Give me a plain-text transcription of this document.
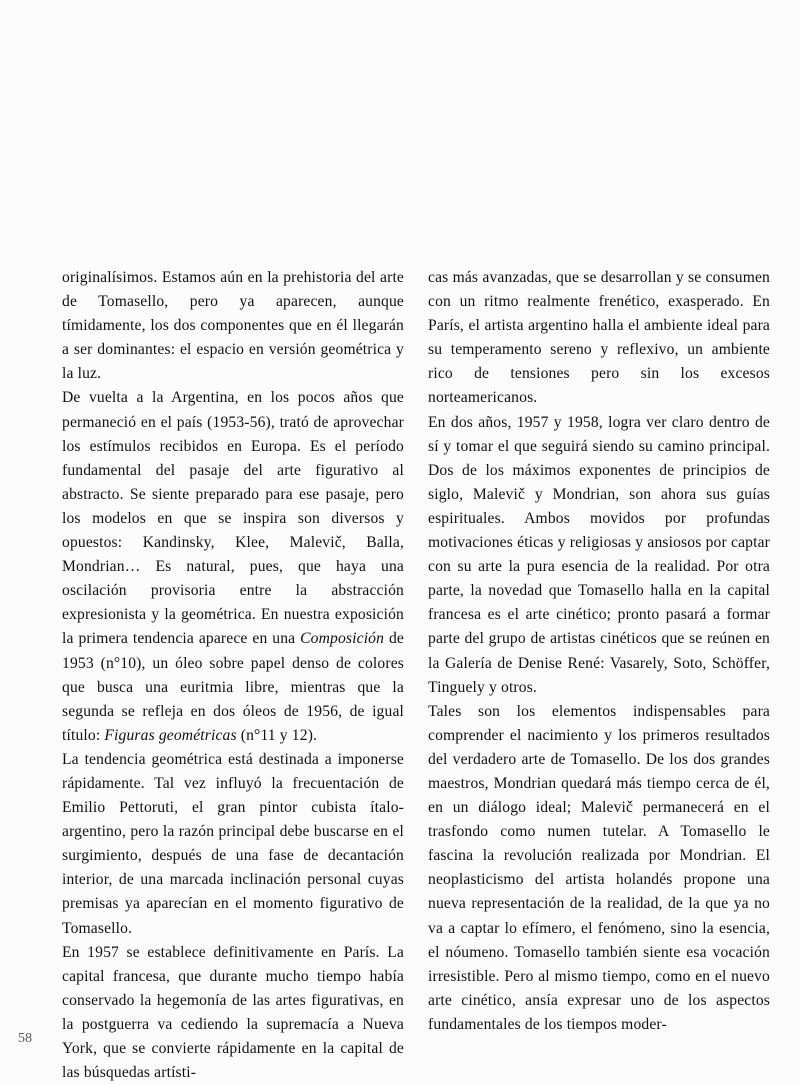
originalísimos. Estamos aún en la prehistoria del arte de Tomasello, pero ya aparecen, aunque tímidamente, los dos componentes que en él llegarán a ser dominantes: el espacio en versión geométrica y la luz.

De vuelta a la Argentina, en los pocos años que permaneció en el país (1953-56), trató de aprovechar los estímulos recibidos en Europa. Es el período fundamental del pasaje del arte figurativo al abstracto. Se siente preparado para ese pasaje, pero los modelos en que se inspira son diversos y opuestos: Kandinsky, Klee, Malevič, Balla, Mondrian… Es natural, pues, que haya una oscilación provisoria entre la abstracción expresionista y la geométrica. En nuestra exposición la primera tendencia aparece en una Composición de 1953 (n°10), un óleo sobre papel denso de colores que busca una euritmia libre, mientras que la segunda se refleja en dos óleos de 1956, de igual título: Figuras geométricas (n°11 y 12).

La tendencia geométrica está destinada a imponerse rápidamente. Tal vez influyó la frecuentación de Emilio Pettoruti, el gran pintor cubista ítalo-argentino, pero la razón principal debe buscarse en el surgimiento, después de una fase de decantación interior, de una marcada inclinación personal cuyas premisas ya aparecían en el momento figurativo de Tomasello.

En 1957 se establece definitivamente en París. La capital francesa, que durante mucho tiempo había conservado la hegemonía de las artes figurativas, en la postguerra va cediendo la supremacía a Nueva York, que se convierte rápidamente en la capital de las búsquedas artísti-

cas más avanzadas, que se desarrollan y se consumen con un ritmo realmente frenético, exasperado. En París, el artista argentino halla el ambiente ideal para su temperamento sereno y reflexivo, un ambiente rico de tensiones pero sin los excesos norteamericanos.

En dos años, 1957 y 1958, logra ver claro dentro de sí y tomar el que seguirá siendo su camino principal. Dos de los máximos exponentes de principios de siglo, Malevič y Mondrian, son ahora sus guías espirituales. Ambos movidos por profundas motivaciones éticas y religiosas y ansiosos por captar con su arte la pura esencia de la realidad. Por otra parte, la novedad que Tomasello halla en la capital francesa es el arte cinético; pronto pasará a formar parte del grupo de artistas cinéticos que se reúnen en la Galería de Denise René: Vasarely, Soto, Schöffer, Tinguely y otros.

Tales son los elementos indispensables para comprender el nacimiento y los primeros resultados del verdadero arte de Tomasello. De los dos grandes maestros, Mondrian quedará más tiempo cerca de él, en un diálogo ideal; Malevič permanecerá en el trasfondo como numen tutelar. A Tomasello le fascina la revolución realizada por Mondrian. El neoplasticismo del artista holandés propone una nueva representación de la realidad, de la que ya no va a captar lo efímero, el fenómeno, sino la esencia, el nóumeno. Tomasello también siente esa vocación irresistible. Pero al mismo tiempo, como en el nuevo arte cinético, ansía expresar uno de los aspectos fundamentales de los tiempos moder-

58
